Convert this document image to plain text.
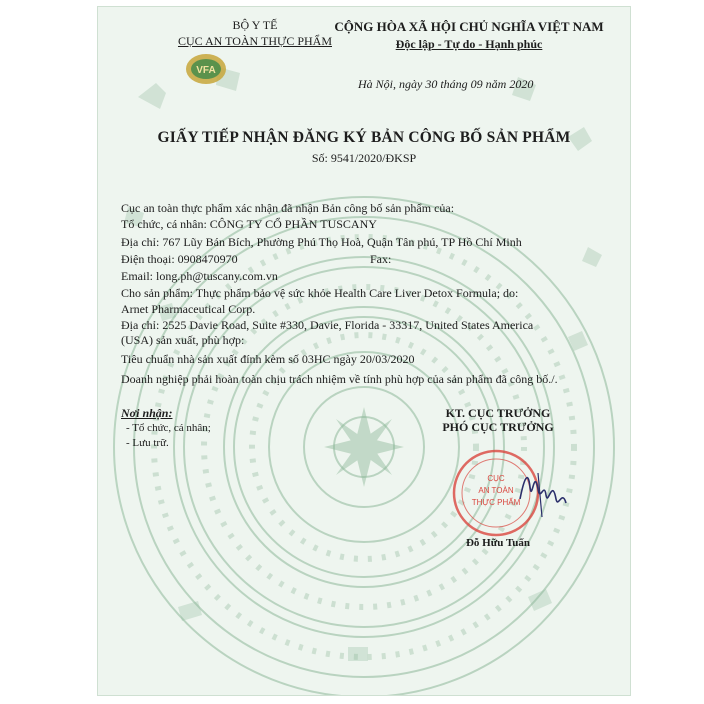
BỘ Y TẾ
CỤC AN TOÀN THỰC PHẨM
VFA
CỘNG HÒA XÃ HỘI CHỦ NGHĨA VIỆT NAM
Độc lập - Tự do - Hạnh phúc
Hà Nội, ngày 30 tháng 09 năm 2020
GIẤY TIẾP NHẬN ĐĂNG KÝ BẢN CÔNG BỐ SẢN PHẨM
Số: 9541/2020/ĐKSP
Cục an toàn thực phẩm xác nhận đã nhận Bản công bố sản phẩm của:
Tổ chức, cá nhân: CÔNG TY CỔ PHẦN TUSCANY
Địa chỉ: 767 Lũy Bán Bích, Phường Phú Thọ Hoà, Quận Tân phú, TP Hồ Chí Minh
Điện thoại: 0908470970	Fax:
Email: long.ph@tuscany.com.vn
Cho sản phẩm: Thực phẩm bảo vệ sức khỏe Health Care Liver Detox Formula; do:
Arnet Pharmaceutical Corp.
Địa chỉ: 2525 Davie Road, Suite #330, Davie, Florida - 33317, United States America
(USA) sản xuất, phù hợp:
Tiêu chuẩn nhà sản xuất đính kèm số 03HC ngày 20/03/2020
Doanh nghiệp phải hoàn toàn chịu trách nhiệm về tính phù hợp của sản phẩm đã công bố./.
Nơi nhận:
- Tổ chức, cá nhân;
- Lưu trữ.
KT. CỤC TRƯỞNG
PHÓ CỤC TRƯỞNG
CỤC
AN TOÀN
THỰC PHẨM
Đỗ Hữu Tuấn
